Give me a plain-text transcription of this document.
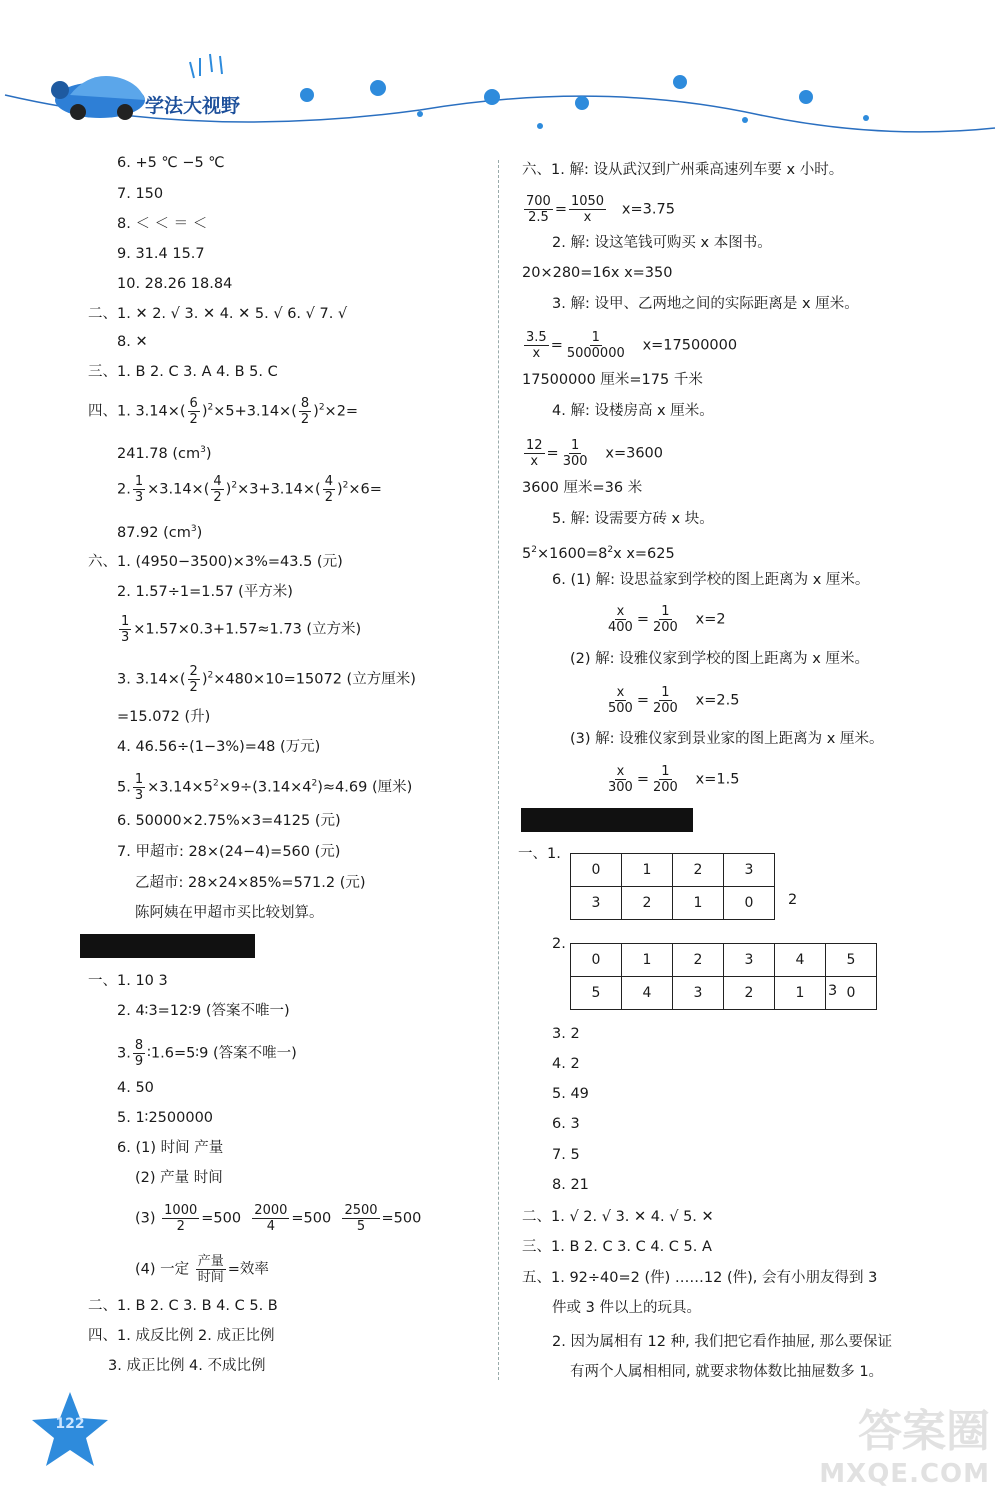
学法大视野
6. +5 ℃ −5 ℃
7. 150
8. ＜ ＜ ＝ ＜
9. 31.4 15.7
10. 28.26 18.84
二、1. ✕ 2. √ 3. ✕ 4. ✕ 5. √ 6. √ 7. √
8. ✕
三、1. B 2. C 3. A 4. B 5. C
四、1. $3.14\times( \frac{6}{2} )^2\times 5+3.14\times( \frac{8}{2} )^2\times 2=$
241.78 $(cm^3)$
2. $\frac{1}{3} \times 3.14\times( \frac{4}{2} )^2\times 3+3.14\times( \frac{4}{2} )^2\times 6=$
87.92 $(cm^3)$
六、1. (4950−3500)×3%=43.5 (元)
2. 1.57÷1=1.57 (平方米)
$\frac{1}{3} \times 1.57\times 0.3+1.57\approx 1.73$ (立方米)
3. $3.14\times( \frac{2}{2} )^2\times 480\times 10=15072$ (立方厘米)
=15.072 (升)
4. 46.56÷(1−3%)=48 (万元)
5. $\frac{1}{3} \times 3.14\times 5^2\times 9\div(3.14\times 4^2)\approx 4.69$ (厘米)
6. 50000×2.75%×3=4125 (元)
7. 甲超市: 28×(24−4)=560 (元)
乙超市: 28×24×85%=571.2 (元)
陈阿姨在甲超市买比较划算。
一、1. 10 3
2. 4∶3=12∶9 (答案不唯一)
3. $\frac{8}{9}$ ∶1.6=5∶9 (答案不唯一)
4. 50
5. 1∶2500000
6. (1) 时间 产量
(2) 产量 时间
$(3) \frac{1000}{2} =500 \frac{2000}{4} =500 \frac{2500}{5} =500$
(4) 一定 $\frac{\text{产量}}{\text{时间}}$ =效率
二、1. B 2. C 3. B 4. C 5. B
四、1. 成反比例 2. 成正比例
3. 成正比例 4. 不成比例
六、1. 解: 设从武汉到广州乘高速列车要 x 小时。
$\frac{700}{2.5} = \frac{1050}{x} x=3.75$
2. 解: 设这笔钱可购买 x 本图书。
20×280=16x x=350
3. 解: 设甲、乙两地之间的实际距离是 x 厘米。
$\frac{3.5}{x} = \frac{1}{5000000} x=17500000$
17500000 厘米=175 千米
4. 解: 设楼房高 x 厘米。
$\frac{12}{x} = \frac{1}{300} x=3600$
3600 厘米=36 米
5. 解: 设需要方砖 x 块。
$5^2\times 1600=8^2x$ x=625
6. (1) 解: 设思益家到学校的图上距离为 x 厘米。
$\frac{x}{400} = \frac{1}{200} x=2$
(2) 解: 设雅仪家到学校的图上距离为 x 厘米。
$\frac{x}{500} = \frac{1}{200} x=2.5$
(3) 解: 设雅仪家到景业家的图上距离为 x 厘米。
$\frac{x}{300} = \frac{1}{200} x=1.5$
一、1.
0	1	2	3
3	2	1	0 2
2.
0	1	2	3	4	5
5	4	3	2	1	0
3
3. 2
4. 2
5. 49
6. 3
7. 5
8. 21
二、1. √ 2. √ 3. ✕ 4. √ 5. ✕
三、1. B 2. C 3. C 4. C 5. A
五、1. 92÷40=2 (件) ……12 (件), 会有小朋友得到 3
件或 3 件以上的玩具。
2. 因为属相有 12 种, 我们把它看作抽屉, 那么要保证
有两个人属相相同, 就要求物体数比抽屉数多 1。
122	答案圈
MXQE.COM
